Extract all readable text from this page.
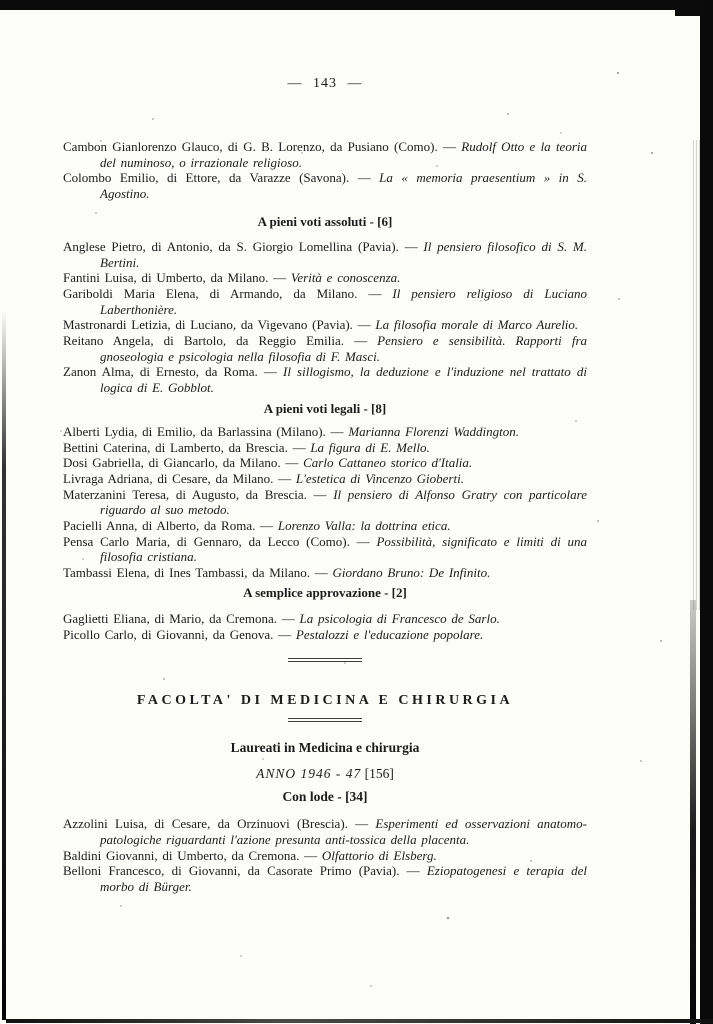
— 143 —

Cambon Gianlorenzo Glauco, di G. B. Lorenzo, da Pusiano (Como). — Rudolf Otto e la teoria del numinoso, o irrazionale religioso.

Colombo Emilio, di Ettore, da Varazze (Savona). — La « memoria praesentium » in S. Agostino.

A pieni voti assoluti - [6]

Anglese Pietro, di Antonio, da S. Giorgio Lomellina (Pavia). — Il pensiero filosofico di S. M. Bertini.

Fantini Luisa, di Umberto, da Milano. — Verità e conoscenza.

Gariboldi Maria Elena, di Armando, da Milano. — Il pensiero religioso di Luciano Laberthonière.

Mastronardi Letizia, di Luciano, da Vigevano (Pavia). — La filosofia morale di Marco Aurelio.

Reitano Angela, di Bartolo, da Reggio Emilia. — Pensiero e sensibilità. Rapporti fra gnoseologia e psicologia nella filosofia di F. Masci.

Zanon Alma, di Ernesto, da Roma. — Il sillogismo, la deduzione e l'induzione nel trattato di logica di E. Gobblot.

A pieni voti legali - [8]

Alberti Lydia, di Emilio, da Barlassina (Milano). — Marianna Florenzi Waddington.

Bettini Caterina, di Lamberto, da Brescia. — La figura di E. Mello.

Dosi Gabriella, di Giancarlo, da Milano. — Carlo Cattaneo storico d'Italia.

Livraga Adriana, di Cesare, da Milano. — L'estetica di Vincenzo Gioberti.

Materzanini Teresa, di Augusto, da Brescia. — Il pensiero di Alfonso Gratry con particolare riguardo al suo metodo.

Pacielli Anna, di Alberto, da Roma. — Lorenzo Valla: la dottrina etica.

Pensa Carlo Maria, di Gennaro, da Lecco (Como). — Possibilità, significato e limiti di una filosofia cristiana.

Tambassi Elena, di Ines Tambassi, da Milano. — Giordano Bruno: De Infinito.

A semplice approvazione - [2]

Gaglietti Eliana, di Mario, da Cremona. — La psicologia di Francesco de Sarlo.

Picollo Carlo, di Giovanni, da Genova. — Pestalozzi e l'educazione popolare.

FACOLTA' DI MEDICINA E CHIRURGIA
Laureati in Medicina e chirurgia
ANNO 1946 - 47 [156]
Con lode - [34]

Azzolini Luisa, di Cesare, da Orzinuovi (Brescia). — Esperimenti ed osservazioni anatomo-patologiche riguardanti l'azione presunta anti-tossica della placenta.

Baldini Giovanni, di Umberto, da Cremona. — Olfattorio di Elsberg.

Belloni Francesco, di Giovanni, da Casorate Primo (Pavia). — Eziopatogenesi e terapia del morbo di Bürger.
